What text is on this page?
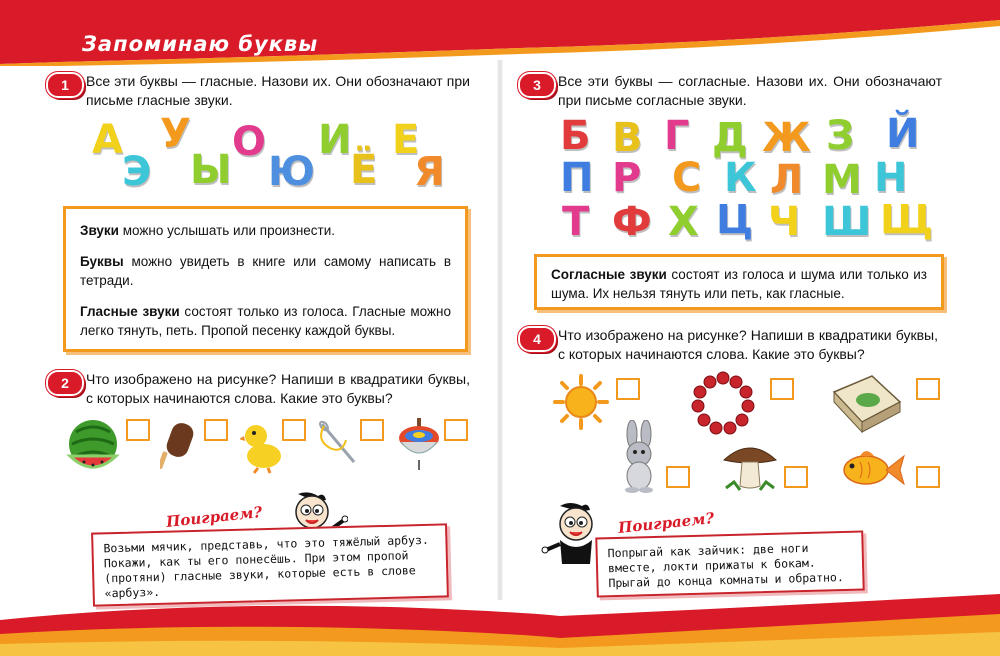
Запоминаю буквы
1	Все эти буквы — гласные. Назови их. Они обозначают при письме гласные звуки.
А У О И Е
Э Ы Ю Ё Я

Звуки можно услышать или произнести.

Буквы можно увидеть в книге или самому написать в тетради.

Гласные звуки состоят только из голоса. Гласные можно легко тянуть, петь. Пропой песенку каждой буквы.

2	Что изображено на рисунке? Напиши в квадратики буквы, с которых начинаются слова. Какие это буквы?
Поиграем?
Возьми мячик, представь, что это тяжёлый арбуз. Покажи, как ты его понесёшь. При этом пропой (протяни) гласные звуки, которые есть в слове «арбуз».
3	Все эти буквы — согласные. Назови их. Они обозначают при письме согласные звуки.
Б В Г Д Ж З Й
П Р С К Л М Н
Т Ф Х Ц Ч Ш Щ

Согласные звуки состоят из голоса и шума или только из шума. Их нельзя тянуть или петь, как гласные.

4	Что изображено на рисунке? Напиши в квадратики буквы, с которых начинаются слова. Какие это буквы?
Поиграем?
Попрыгай как зайчик: две ноги вместе, локти прижаты к бокам. Прыгай до конца комнаты и обратно.
